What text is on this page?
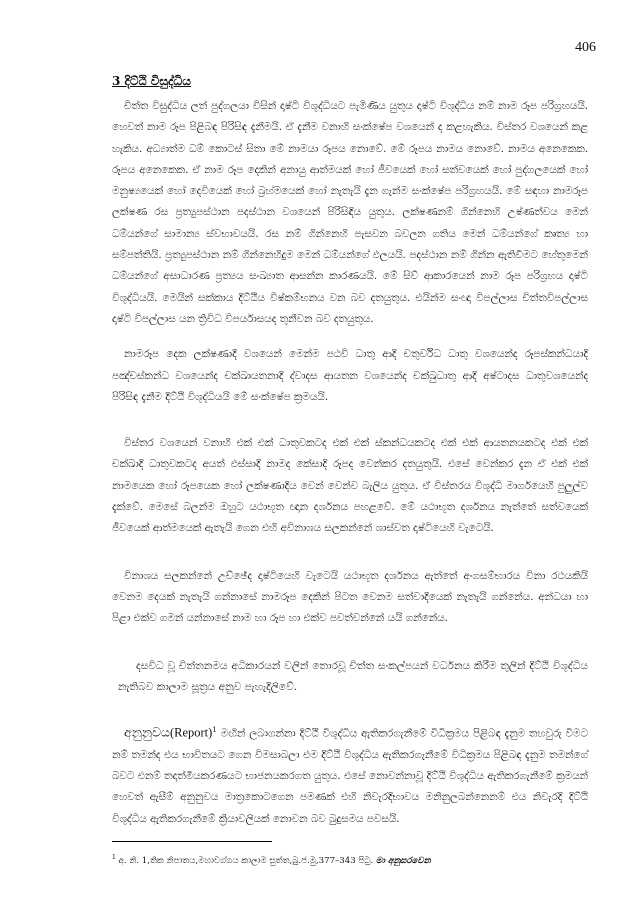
406

3 දිට්ඨි විසුද්ධිය

චිත්ත විසුද්ධිය ලත් පුද්ගලයා විසින් දෘෂ්ටි විශුද්ධියට පැමිණිය යුතුය දෘෂ්ටි විශුද්ධිය නම් නාම රූප පරිග්‍රහයයි. හෙවත් නාම රූප පිළිබඳ පිරිසිඳ දැනීමයි. ඒ දැනීම වනාහි සංක්ෂේප වශයෙන් ද කළහැකිය. විස්තර වශයෙන් කළ හැකිය. අධ්‍යාත්ම ධම් කොටස් සිතා මේ නාමයා රූපය නොවේ. මේ රූපය නාමය නොවේ. නාමය අනෙකෙක. රූපය අනෙකෙක. ඒ නාම රූප දෙකින් අනායු ආත්මයක් හෝ ජීවයෙක් හෝ සත්වයෙක් හෝ පුද්ගලයෙක් හෝ මනුෂ්‍යයෙක් හෝ දෙවියෙක් හෝ බ්‍රහ්මයෙක් හෝ නැතැයි දැන ගැන්ම සංක්ෂේප පරිග්‍රහයයි. මේ සඳහා නාමරූප ලක්ෂණ රස ප්‍රත්‍යුපස්ථාන පදස්ථාන වශයෙන් පිරිසිඳිය යුතුය. ලක්ෂණනම් ගින්නෙහි උෂ්ණත්වය මෙන් ධම්යන්ගේ සාමාන්‍ය ස්වභාවයයි. රස නම් ගින්නෙහි පැසවන බවලන ගතිය මෙන් ධම්යන්ගේ කෘත්‍ය හා සම්පත්තියි. ප්‍රත්‍යුපස්ථාන නම් ගින්නෙහිදුම මෙන් ධම්යන්ගේ ඵලයයි. පදස්ථාන නම් ගින්න ඇතිවීමට හේතුමෙන් ධම්යන්ගේ අසාධාරණ ප්‍රත්‍යය සංඛ්‍යාත ආසන්න කාරණයයි. මේ සිව් ආකාරයෙන් නාම රූප පරිග්‍රහය දෘෂ්ටි විශුද්ධියයි. මෙයින් සක්කාය දිට්ඨිය විෂ්කම්භනය වන බව දතයුතුය. එයින්ම සංඥා විපල්ලාස චිත්තවිපල්ලාස දෘෂ්ටි විපල්ලාස යන ත්‍රිවිධ විපර්යාසයද තුනීවන බව දතයුතුය.

නාමරූප දෙක ලක්ෂණාදි වශයෙන් මෙන්ම පඨවි ධාතු ආදි චතුර්විධ ධාතු වශයෙන්ද රූපස්කන්ධයාදි පඤ්චස්කන්ධ වශයෙන්ද චක්ඛායතනාදි ද්වාදස ආයතන වශයෙන්ද චක්ඛුධාතු ආදි අෂ්ටාදස ධාතුවශයෙන්ද පිරිසිඳ දැනීම දිට්ඨි විශුද්ධියයි මේ සංක්ෂේප ක්‍රමයයි.

විස්තර වශයෙන් වනාහි එක් එක් ධාතුවකටද එක් එක් ස්කන්ධයකටද එක් එක් ආයතනයකටද එක් එක් චක්ඛාදි ධාතුවකටද අයත් ඵස්සාදි නාමද කේසාදි රූපද වෙන්කර දතයුතුයි. එසේ වෙන්කර දැන ඒ එක් එක් නාමයෙක හෝ රූපයෙක හෝ ලක්ෂණාදිය වෙන් වෙන්ව බැලිය යුතුය. ඒ විස්තරය විශුද්ධි මාර්ගයෙහි පුලුල්ව දැක්වේ. මෙසේ බලන්ම ඔහුට යථාභූත ඥාන දර්ශනය පහළවේ. මේ යථාභූත දර්ශනය නැත්තේ සත්වයෙක් ජීවයෙක් ආත්මයෙක් ඇතැයි ගෙන එහි අවිනාශය සලකන්නේ ශාස්වත දෘෂ්ටියෙහි වැටෙයි.

විනාශය සලකන්නේ උච්ඡේද දෘෂ්ටියෙහි වැටෙයි යථාභූත දර්ශනය ඇත්තේ අංගසම්භාරය විනා රථයකියි වෙනම දෙයක් නැතැයි ගන්නාසේ නාමරූප දෙකින් පිටත වෙනම සත්වාදියෙක් නැතැයි ගන්නේය. අන්ධයා හා පිළා එක්ව ගමන් යන්නාසේ නාම හා රූප හා එක්ව පවත්වන්නේ යයි ගන්නේය.

දසවිධ වූ චිත්තනමය අධිකාරයන් වලින් තොරවූ චිත්ත සංකල්පයන් වර්ධනය කිරීම තුලින් දිට්ඨි විශුද්ධිය නැතිබව කාලාම සූත්‍රය අනුව පැහැදිලිවේ.

අනුනුවය(Report)$^1$ මඟින් ලබාගන්නා දිට්ඨි විශුද්ධිය ඇතිකරගැනීමේ විධික්‍රමය පිළිබඳ දැනුම තහවුරු විමට නම් තමන්ද එය භාවිතයට ගෙන විමසාබලා එම දිට්ඨි විශුද්ධිය ඇතිකරගැනීමේ විධික්‍රමය පිළිබඳ දැනුම තමන්ගේ බවට එනම් තදාත්මීයකරණයට භාජනයකරගත යුතුය. එසේ නොවන්නාවූ දිට්ඨි විශුද්ධිය ඇතිකරගැනීමේ ක්‍රමයන් හෙවත් ඇසීම් අනුනුවය මාත්‍රකොටගෙන පමණක් එහි නිවැරදිභාවය මනිනුලබන්නෙනම් එය නිවැරදි දිට්ඨි විශුද්ධිය ඇතිකරගැනීමේ ක්‍රියාවලියක් නොවන බව බුදුසමය පවසයි.

$^1$ අ. නි. 1,තික නිපාතය,මහාවග්ගය කාලාම සුත්ත,බු.ජ.මු,377–343 පිටු. මා අනුසරවෙන
